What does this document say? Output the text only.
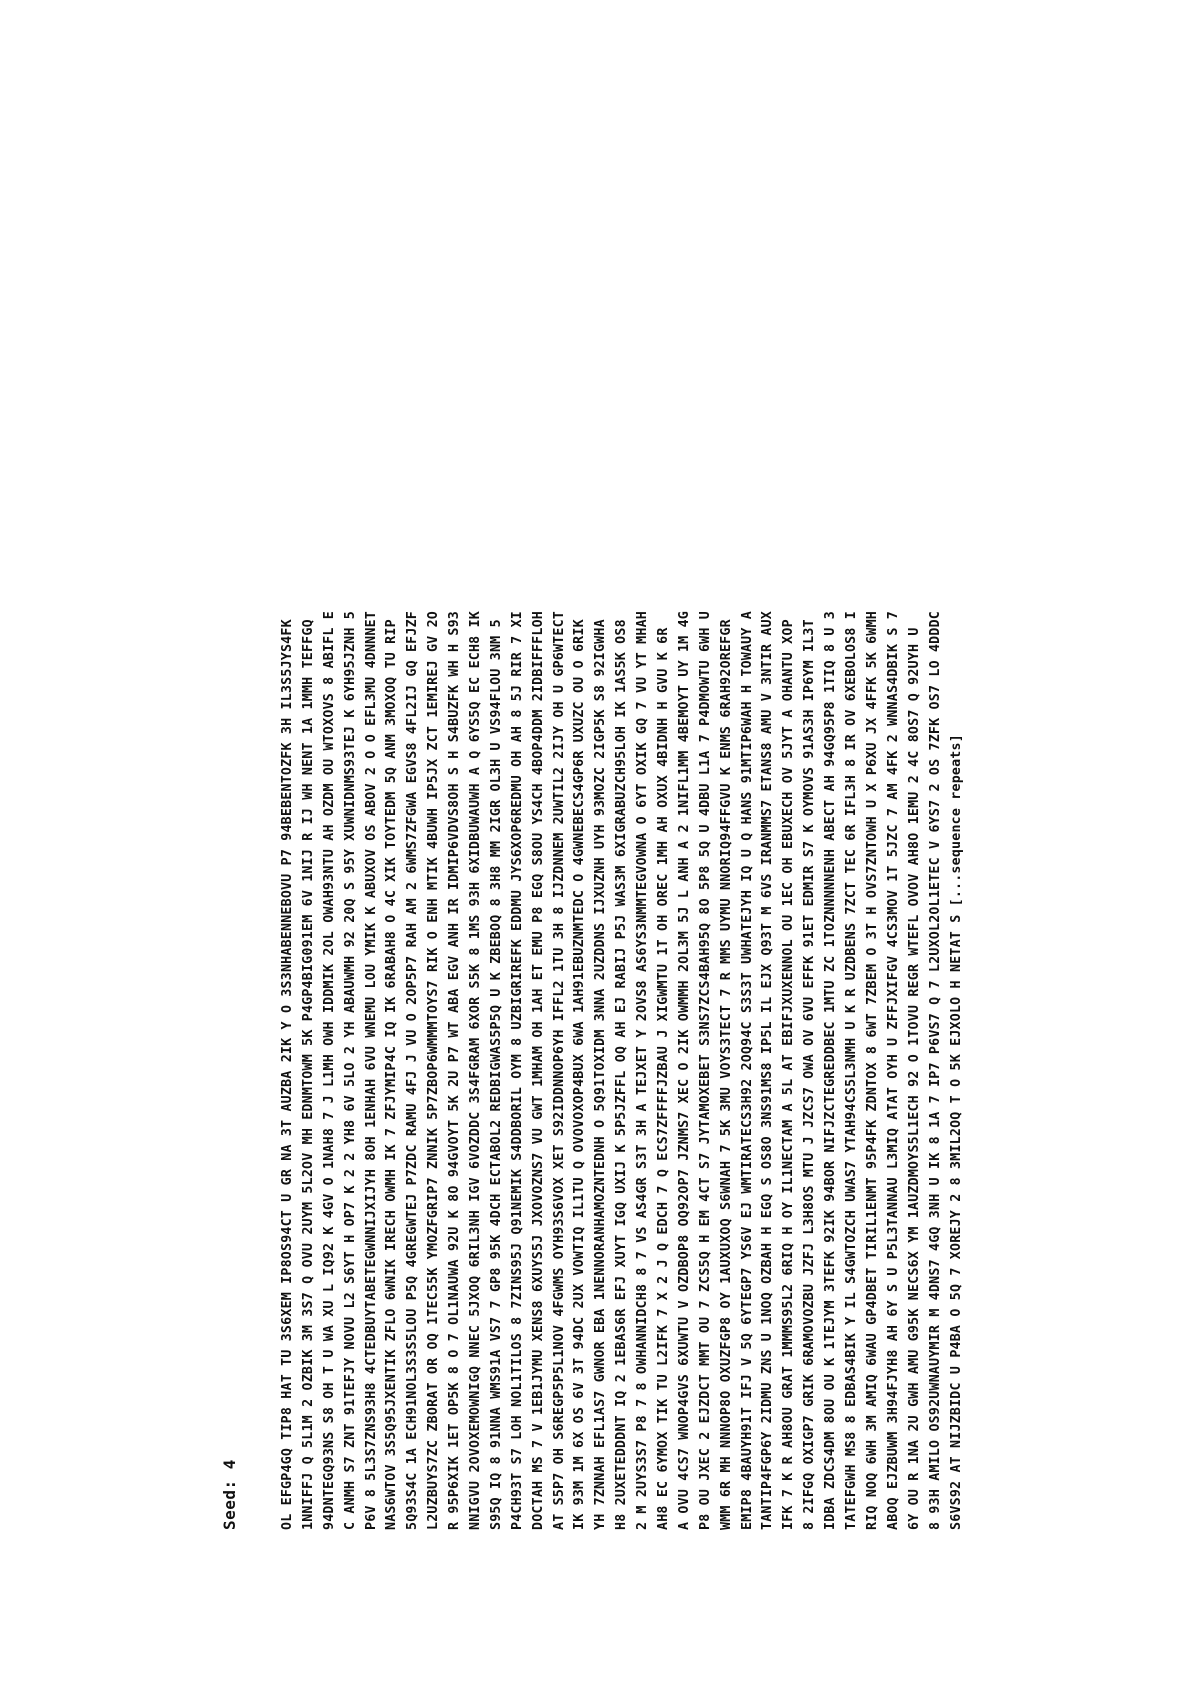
Seed: 4	OL EFGP4GQ TIP8 HAT TU 3S6XEM IP8OS94CT U GR NA 3T AUZBA 2IK Y O 3S3NHABENNEBOVU P7 94BEBENTOZFK 3H IL3S5JYS4FK 1NNIFFJ Q 5L1M 2 OZBIK 3M 3S7 Q OVU 2UYM 5L2OV MH EDNMTOWM 5K P4GP4BIG091EM 6V 1NIJ R IJ WH NENT 1A 1MMH TEFFGQ 94DNTEGQ93NS S8 OH T U WA XU L IQ92 K 4GV O 1NAH8 7 J L1MH OWH IDDMIK 2OL OWAH93NTU AH OZDM OU WTOXOVS 8 ABIFL E C ANMH S7 ZNT 91TEFJY NOVU L2 S6YT H OP7 K 2 2 YH8 6V 5LO 2 YH ABAUWMH 92 20Q S 95Y XUWNIDNMS93TEJ K 6YH95JZNH 5 P6V 8 5L3S7ZNS93H8 4CTEDBUYTABETEGWNNIJXIJYH 8OH 1ENHAH 6VU WNEMU LOU YMIK K ABUXOV OS ABOV 2 O O EFL3MU 4DNNNET NAS6WTOV 3S5Q95JXENTIK ZFLO 6WNIK IRECH OWMH IK 7 ZFJYMIP4C IQ IK 6RABAH8 O 4C XIK TOYTEDM 5Q ANM 3MOXOQ TU RIP 5Q93S4C 1A ECH91NOL3S3S5LOU P5Q 4GREGWTEJ P7ZDC RAMU 4FJ J VU O 2OP5P7 RAH AM 2 6WMS7ZFGWA EGVS8 4FL2IJ GQ EFJZF L2UZBUYS7ZC ZBORAT OR OQ 1TEC55K YMOZFGRIP7 ZNNIK 5P7ZBOP6WMMMTOYS7 RIK O ENH MTIK 4BUWH IP5JX ZCT 1EMIREJ GV 2O R 95P6XIK 1ET OP5K 8 O 7 OL1NAUWA 92U K 8O 94GVOYT 5K 2U P7 WT ABA EGV ANH IR IDMIP6VDVS8OH S H S4BUZFK WH H S93 NNIGVU 2OVOXEMOWNIGQ NNEC 5JXOQ 6RIL3NH IGV 6VOZDDC 3S4FGRAM 6XOR S5K 8 1MS 93H 6XIDBUWAUWH A Q 6YS5Q EC ECH8 IK S95Q IQ 8 91NNA WMS91A VS7 7 GP8 95K 4DCH ECTABOL2 REDBIGWAS5P5Q U K ZBEBOQ 8 3H8 MM 2IGR OL3H U VS94FLOU 3NM 5 P4CH93T S7 LOH NOL1TILOS 8 7ZINS95J Q91NEMIK S4DDBORIL OYM 8 UZBIGRIREFK EDDMU JYS6XOP6REDMU OH AH 8 5J RIR 7 XI DOCTAH MS 7 V 1EB1JYMU XENS8 6XUYS5J JXOVOZNS7 VU GWT 1MHAM OH 1AH ET EMU P8 EGQ S8OU YS4CH 4BOP4DDM 2IDBIFFFLOH AT S5P7 OH S6REGP5P5L1NOV 4FGWMS OYH93S6VOX XET S92IDDNNOP6YH IFFL2 1TU 3H 8 IJZDNNEM 2UWTIL2 2IJY OH U GP6WTECT IK 93M 1M 6X OS 6V 3T 94DC 2UX VOWTIQ IL1TU Q OVOVOXOP4BUX 6WA 1AH91EBUZNMTEDC O 4GWNEBECS4GP6R UXUZC OU O 6RIK YH 7ZNNAH EFL1AS7 GWNOR EBA 1NENNORANHAMOZNTEDNH O 5Q91TOXIDM 3NNA 2UZDDNS IJXUZNH UYH 93MOZC 2IGP5K S8 92IGWHA H8 2UXETEDDDNT IQ 2 1EBAS6R EFJ XUYT IGQ UXIJ K 5P5JZFFL OQ AH EJ RABIJ P5J WAS3M 6XIGRABUZCH95LOH IK 1AS5K OS8 2 M 2UYS3S7 P8 7 8 OWHANNIDCH8 8 7 VS AS4GR S3T 3H A TEJXET Y 2OVS8 AS6YS3NMMTEGVOWNA O 6YT OXIK GQ 7 VU YT MHAH AH8 EC 6YMOX TIK TU L2IFK 7 X 2 J Q EDCH 7 Q ECS7ZFFFFJZBAU J XIGWMTU 1T OH OREC 1MH AH OXUX 4BIDNH H GVU K 6R A OVU 4CS7 WNOP4GVS 6XUWTU V OZDBOP8 OQ92OP7 JZNMS7 XEC O 2IK OWMMH 2OL3M 5J L ANH A 2 1NIFL1MM 4BEMOYT UY 1M 4G P8 OU JXEC 2 EJZDCT MMT OU 7 ZCS5Q H EM 4CT S7 JYTAMOXEBET S3NS7ZCS4BAH95Q 8O 5P8 5Q U 4DBU L1A 7 P4DMOWTU 6WH U WMM 6R MH NNNOP8O OXUZFGP8 OY 1AUXUXOQ S6WNAH 7 5K 3MU VOYS3TECT 7 R MMS UYMU NNORIQ94FFGVU K ENMS 6RAH92OREFGR EMIP8 4BAUYH91T IFJ V 5Q 6YTEGP7 YS6V EJ WMTIRATECS3H92 2OQ94C S3S3T UWHATEJYH IQ U Q HANS 91MTIP6WAH H TOWAUY A TANTIP4FGP6Y 2IDMU ZNS U 1NOQ OZBAH H EGQ S OS8O 3NS91MS8 IP5L IL EJX Q93T M 6VS IRANMMS7 ETANS8 AMU V 3NTIR AUX IFK 7 K R AH8OU GRAT 1MMMS95L2 6RIQ H OY IL1NECTAM A 5L AT EBIFJXUXENNOL OU 1EC OH EBUXECH OV 5JYT A OHANTU XOP 8 2IFGQ OXIGP7 GRIK 6RAMOVOZBU JZFJ L3H8OS MTU J JZCS7 OWA OV 6VU EFFK 91ET EDMIR S7 K OYMOVS 91AS3H IP6YM IL3T IDBA ZDCS4DM 8OU OU K 1TEJYM 3TEFK 92IK 94BOR NIFJZCTEGREDDBEC 1MTU ZC 1TOZNNNNNENH ABECT AH 94GQ95P8 1TIQ 8 U 3 TATEFGWH MS8 8 EDBAS4BIK Y IL S4GWTOZCH UWAS7 YTAH94CS5L3NMH U K R UZDBENS 7ZCT TEC 6R IFL3H 8 IR OV 6XEBOLOS8 I RIQ NOQ 6WH 3M AMIQ 6WAU GP4DBET TIRIL1ENMT 95P4FK ZDNTOX 8 6WT 7ZBEM O 3T H OVS7ZNTOWH U X P6XU JX 4FFK 5K 6WMH ABOQ EJZBUWM 3H94FJYH8 AH 6Y S U P5L3TANNAU L3MIQ ATAT OYH U ZFFJXIFGV 4CS3MOV 1T 5JZC 7 AM 4FK 2 WNNAS4DBIK S 7 6Y OU R 1NA 2U GWH AMU G95K NECS6X YM 1AUZDMOYS5L1ECH 92 O 1TOVU REGR WTEFL OVOV AH8O 1EMU 2 4C 8OS7 Q 92UYH U 8 93H AMILO OS92UWNAUYMIR M 4DNS7 4GQ 3NH U IK 8 1A 7 IP7 P6VS7 Q 7 L2UXOL2OL1ETEC V 6YS7 2 OS 7ZFK OS7 LO 4DDDC S6VS92 AT NIJZBIDC U P4BA O 5Q 7 XOREJY 2 8 3MIL2OQ T O 5K EJXOLO H NETAT S [...sequence repeats]
